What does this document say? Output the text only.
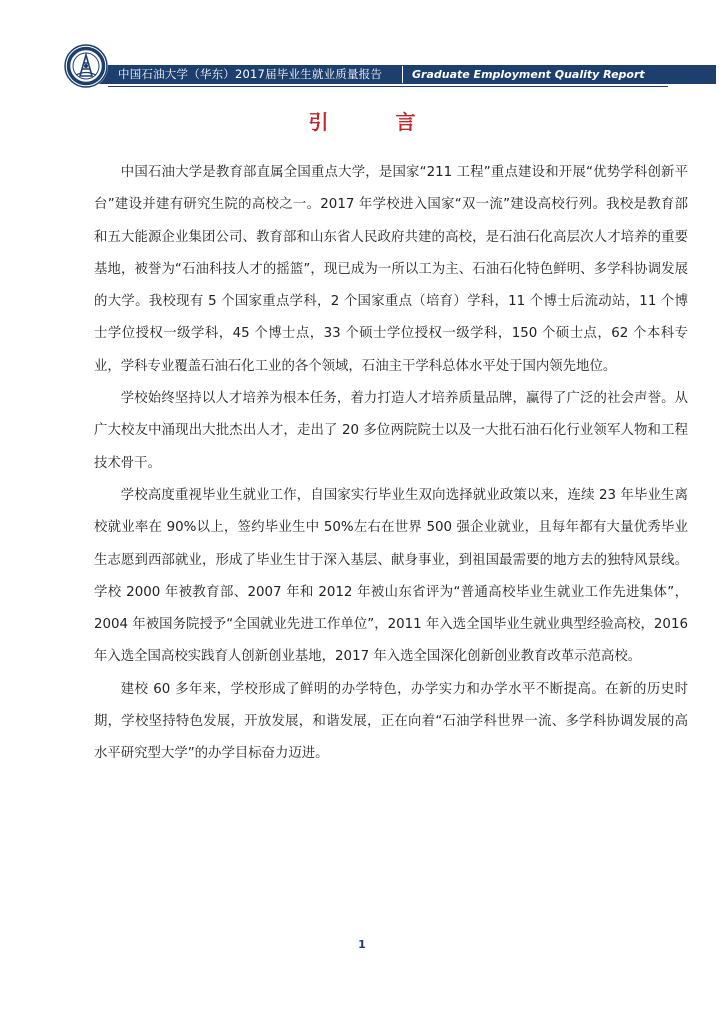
中国石油大学（华东）2017届毕业生就业质量报告	Graduate Employment Quality Report
引 言

中国石油大学是教育部直属全国重点大学，是国家“211 工程”重点建设和开展“优势学科创新平台”建设并建有研究生院的高校之一。2017 年学校进入国家“双一流”建设高校行列。我校是教育部和五大能源企业集团公司、教育部和山东省人民政府共建的高校，是石油石化高层次人才培养的重要基地，被誉为“石油科技人才的摇篮”，现已成为一所以工为主、石油石化特色鲜明、多学科协调发展的大学。我校现有 5 个国家重点学科，2 个国家重点（培育）学科，11 个博士后流动站，11 个博士学位授权一级学科，45 个博士点，33 个硕士学位授权一级学科，150 个硕士点，62 个本科专业，学科专业覆盖石油石化工业的各个领域，石油主干学科总体水平处于国内领先地位。

学校始终坚持以人才培养为根本任务，着力打造人才培养质量品牌，赢得了广泛的社会声誉。从广大校友中涌现出大批杰出人才，走出了 20 多位两院院士以及一大批石油石化行业领军人物和工程技术骨干。

学校高度重视毕业生就业工作，自国家实行毕业生双向选择就业政策以来，连续 23 年毕业生离校就业率在 90%以上，签约毕业生中 50%左右在世界 500 强企业就业，且每年都有大量优秀毕业生志愿到西部就业，形成了毕业生甘于深入基层、献身事业，到祖国最需要的地方去的独特风景线。学校 2000 年被教育部、2007 年和 2012 年被山东省评为“普通高校毕业生就业工作先进集体”，2004 年被国务院授予“全国就业先进工作单位”，2011 年入选全国毕业生就业典型经验高校，2016 年入选全国高校实践育人创新创业基地，2017 年入选全国深化创新创业教育改革示范高校。

建校 60 多年来，学校形成了鲜明的办学特色，办学实力和办学水平不断提高。在新的历史时期，学校坚持特色发展，开放发展，和谐发展，正在向着“石油学科世界一流、多学科协调发展的高水平研究型大学”的办学目标奋力迈进。

1
